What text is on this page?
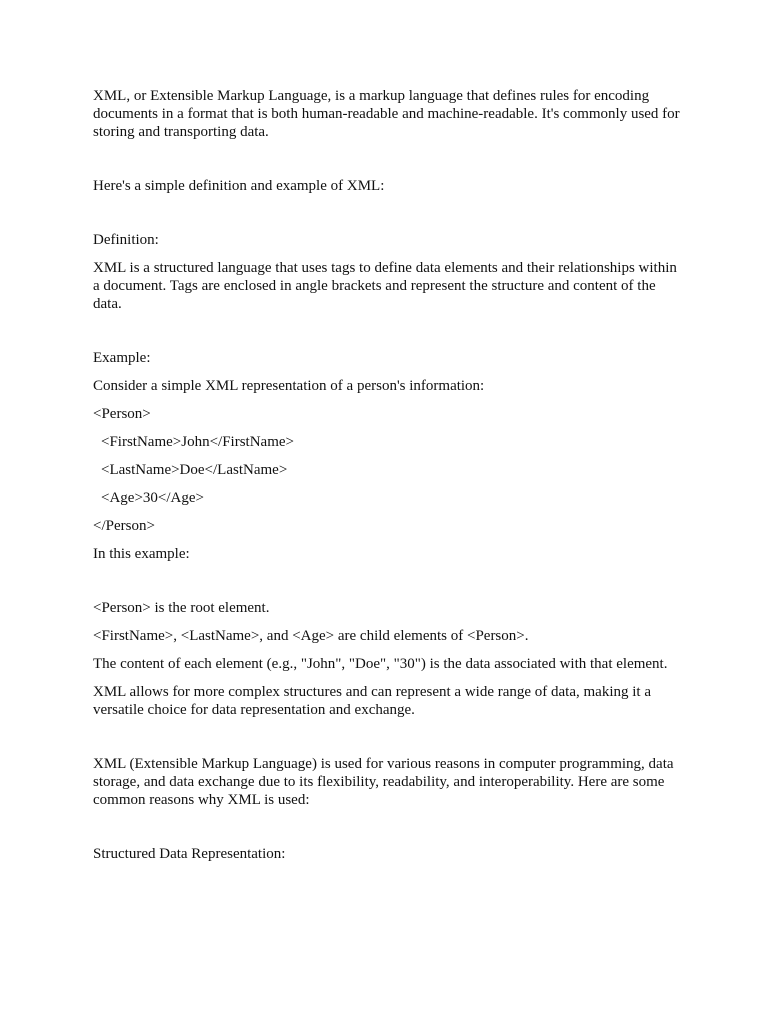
XML, or Extensible Markup Language, is a markup language that defines rules for encoding documents in a format that is both human-readable and machine-readable. It's commonly used for storing and transporting data.

Here's a simple definition and example of XML:

Definition:

XML is a structured language that uses tags to define data elements and their relationships within a document. Tags are enclosed in angle brackets and represent the structure and content of the data.

Example:

Consider a simple XML representation of a person's information:

<Person>

<FirstName>John</FirstName>

<LastName>Doe</LastName>

<Age>30</Age>

</Person>

In this example:

<Person> is the root element.

<FirstName>, <LastName>, and <Age> are child elements of <Person>.

The content of each element (e.g., "John", "Doe", "30") is the data associated with that element.

XML allows for more complex structures and can represent a wide range of data, making it a versatile choice for data representation and exchange.

XML (Extensible Markup Language) is used for various reasons in computer programming, data storage, and data exchange due to its flexibility, readability, and interoperability. Here are some common reasons why XML is used:

Structured Data Representation:
